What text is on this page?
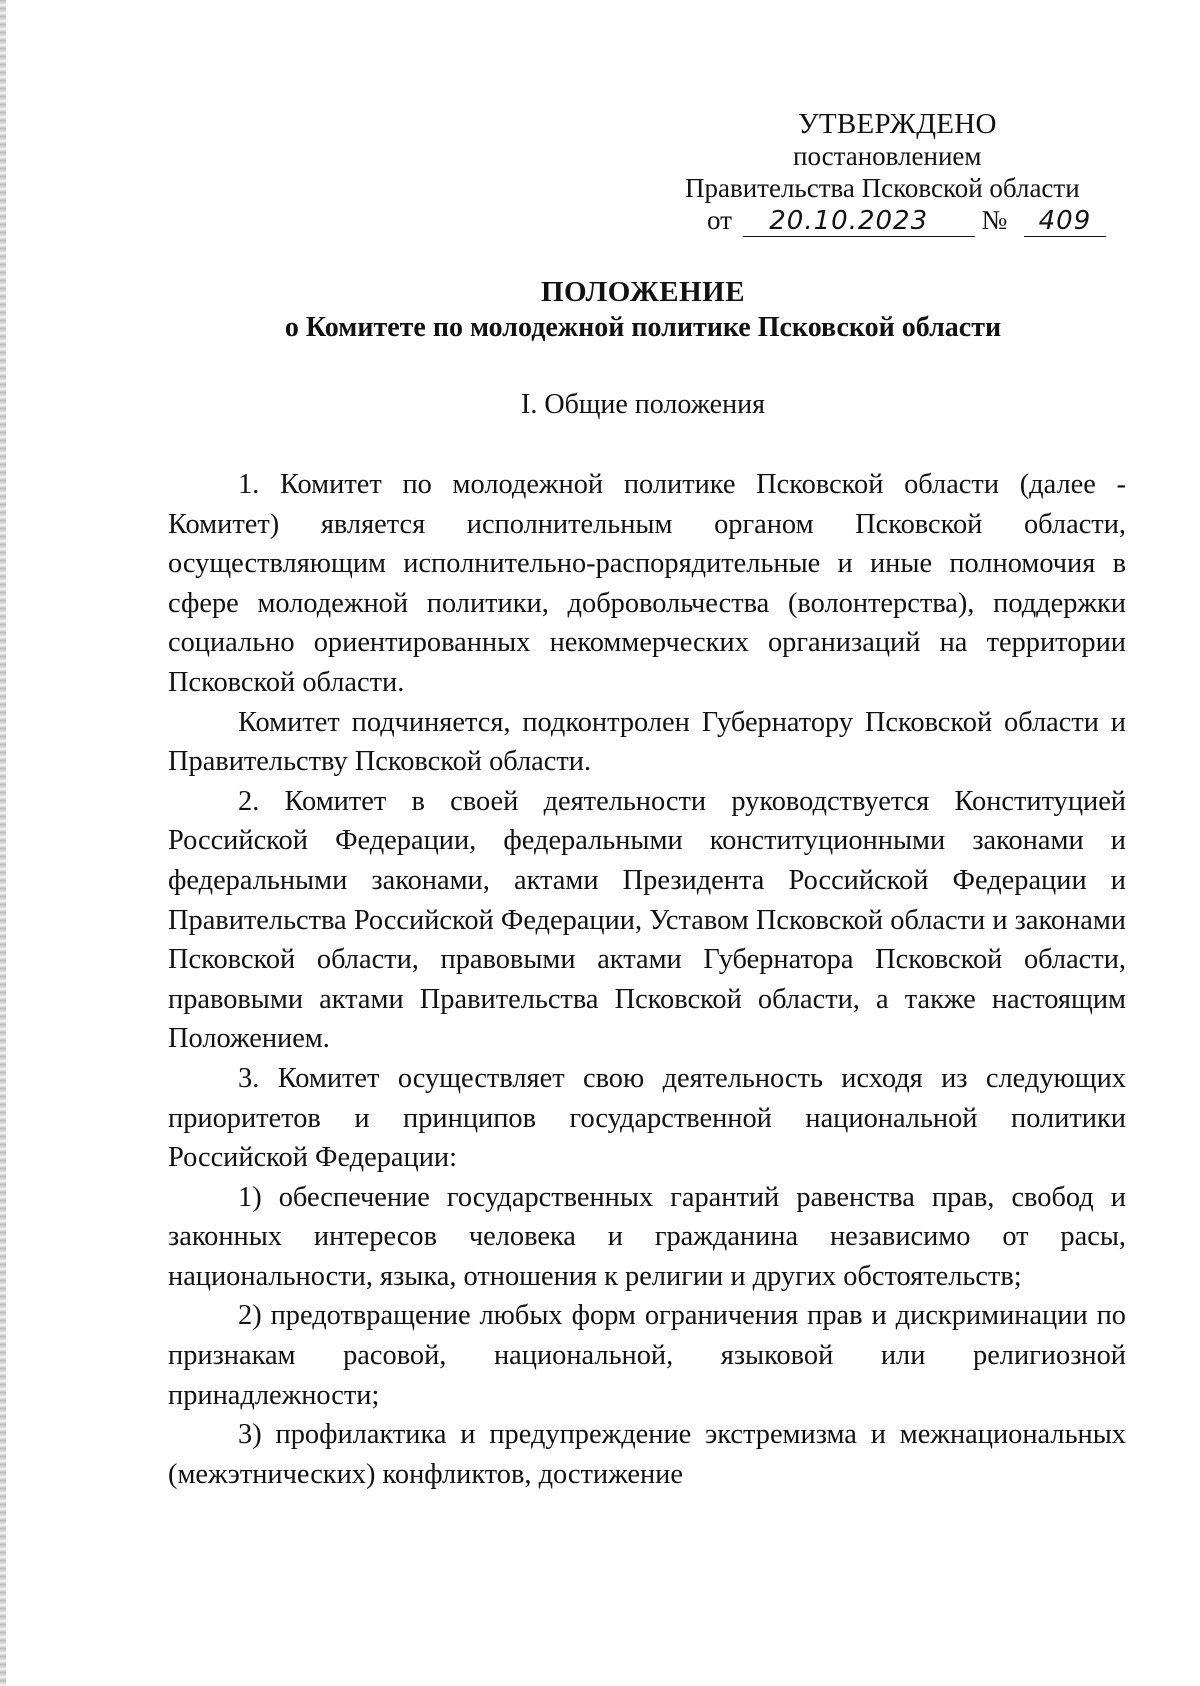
УТВЕРЖДЕНО
постановлением
Правительства Псковской области
от 20.10.2023 № 409
ПОЛОЖЕНИЕ
о Комитете по молодежной политике Псковской области
I. Общие положения

1. Комитет по молодежной политике Псковской области (далее - Комитет) является исполнительным органом Псковской области, осуществляющим исполнительно-распорядительные и иные полномочия в сфере молодежной политики, добровольчества (волонтерства), поддержки социально ориентированных некоммерческих организаций на территории Псковской области.

Комитет подчиняется, подконтролен Губернатору Псковской области и Правительству Псковской области.

2. Комитет в своей деятельности руководствуется Конституцией Российской Федерации, федеральными конституционными законами и федеральными законами, актами Президента Российской Федерации и Правительства Российской Федерации, Уставом Псковской области и законами Псковской области, правовыми актами Губернатора Псковской области, правовыми актами Правительства Псковской области, а также настоящим Положением.

3. Комитет осуществляет свою деятельность исходя из следующих приоритетов и принципов государственной национальной политики Российской Федерации:

1) обеспечение государственных гарантий равенства прав, свобод и законных интересов человека и гражданина независимо от расы, национальности, языка, отношения к религии и других обстоятельств;

2) предотвращение любых форм ограничения прав и дискриминации по признакам расовой, национальной, языковой или религиозной принадлежности;

3) профилактика и предупреждение экстремизма и межнациональных (межэтнических) конфликтов, достижение
